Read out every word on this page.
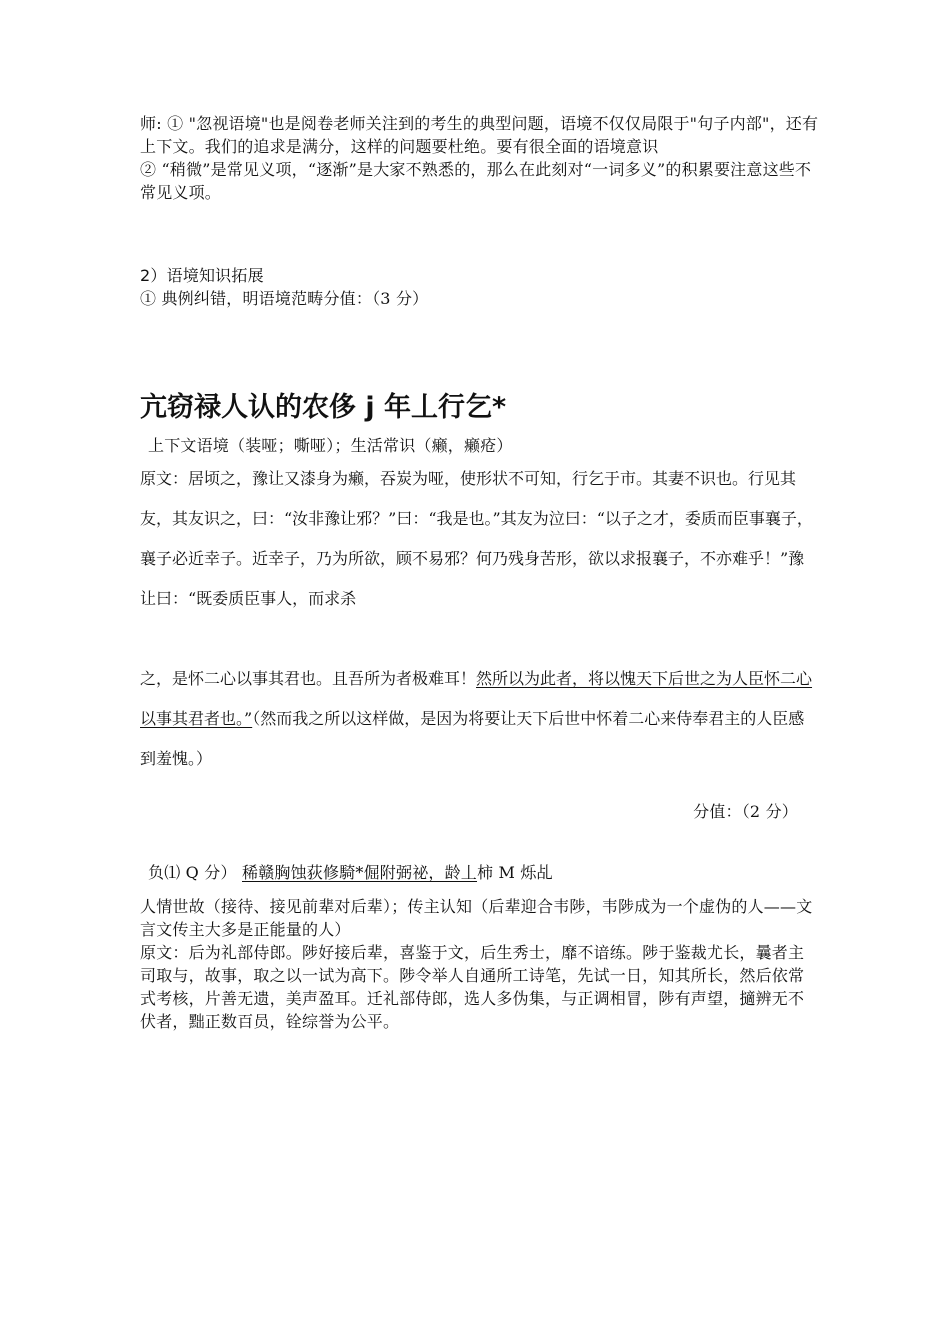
师: ① "忽视语境"也是阅卷老师关注到的考生的典型问题，语境不仅仅局限于"句子内部"，还有上下文。我们的追求是满分，这样的问题要杜绝。要有很全面的语境意识

② “稍微”是常见义项，“逐渐”是大家不熟悉的，那么在此刻对“一词多义”的积累要注意这些不常见义项。

2）语境知识拓展

① 典例纠错，明语境范畴分值：（3 分）

亢窃禄人认的农侈 j 年丄行乞*

上下文语境（装哑；嘶哑）；生活常识（癞，癞疮）

原文：居顷之，豫让又漆身为癞，吞炭为哑，使形状不可知，行乞于市。其妻不识也。行见其友，其友识之，曰：“汝非豫让邪？”曰：“我是也。”其友为泣曰：“以子之才，委质而臣事襄子，襄子必近幸子。近幸子，乃为所欲，顾不易邪？何乃残身苦形，欲以求报襄子，不亦难乎！”豫让曰：“既委质臣事人，而求杀

之，是怀二心以事其君也。且吾所为者极难耳！然所以为此者，将以愧天下后世之为人臣怀二心以事其君者也。”（然而我之所以这样做，是因为将要让天下后世中怀着二心来侍奉君主的人臣感到羞愧。）

分值：（2 分）

负⑴ Q 分） 稀赣胸蚀荻修騎*倔附弼祕，龄丄柿 M 烁乩

人情世故（接待、接见前辈对后辈）；传主认知（后辈迎合韦陟，韦陟成为一个虚伪的人——文言文传主大多是正能量的人）

原文：后为礼部侍郎。陟好接后辈，喜鉴于文，后生秀士，靡不谙练。陟于鉴裁尤长，曩者主司取与，故事，取之以一试为高下。陟令举人自通所工诗笔，先试一日，知其所长，然后依常式考核，片善无遗，美声盈耳。迁礼部侍郎，选人多伪集，与正调相冒，陟有声望，擿辨无不伏者，黜正数百员，铨综誉为公平。
